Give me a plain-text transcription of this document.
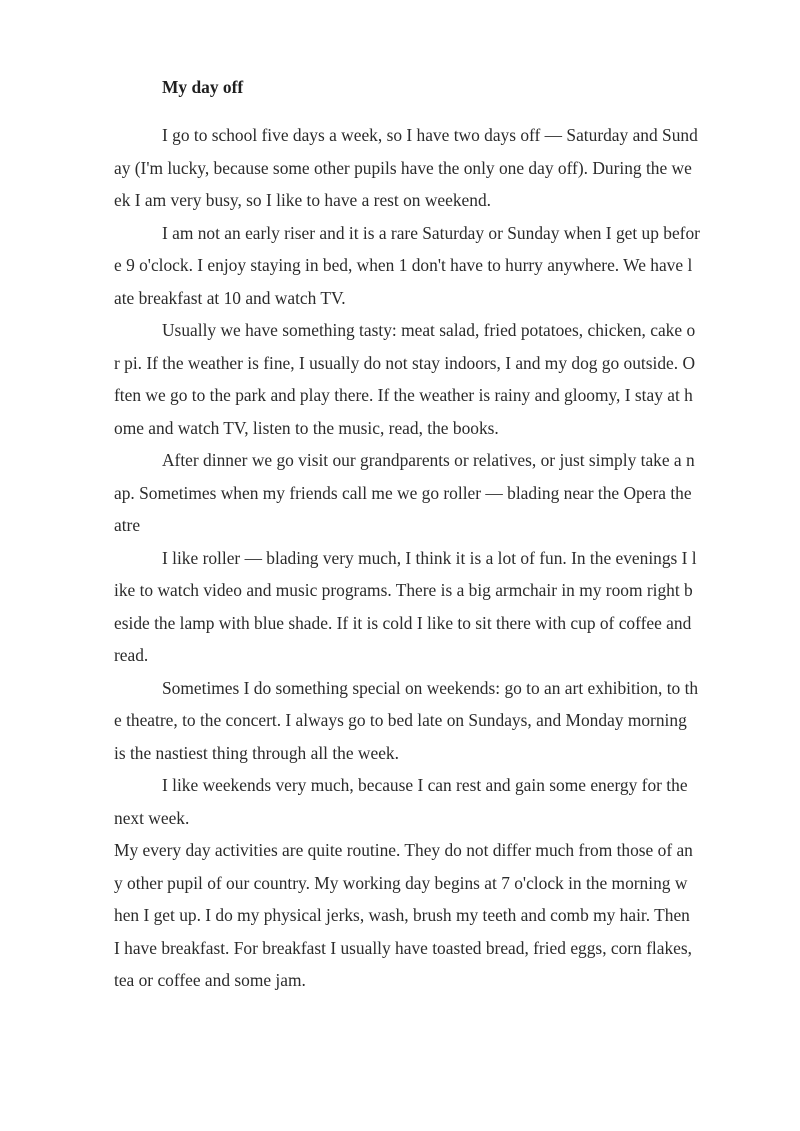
My day off
I go to school five days a week, so I have two days off — Saturday and Sund
ay (I'm lucky, because some other pupils have the only one day off). During the we
ek I am very busy, so I like to have a rest on weekend.
I am not an early riser and it is a rare Saturday or Sunday when I get up befor
e 9 o'clock. I enjoy staying in bed, when 1 don't have to hurry anywhere. We have l
ate breakfast at 10 and watch TV.
Usually we have something tasty: meat salad, fried potatoes, chicken, cake o
r pi. If the weather is fine, I usually do not stay indoors, I and my dog go outside. O
ften we go to the park and play there. If the weather is rainy and gloomy, I stay at h
ome and watch TV, listen to the music, read, the books.
After dinner we go visit our grandparents or relatives, or just simply take a n
ap. Sometimes when my friends call me we go roller — blading near the Opera the
atre
I like roller — blading very much, I think it is a lot of fun. In the evenings I l
ike to watch video and music programs. There is a big armchair in my room right b
eside the lamp with blue shade. If it is cold I like to sit there with cup of coffee and
read.
Sometimes I do something special on weekends: go to an art exhibition, to th
e theatre, to the concert. I always go to bed late on Sundays, and Monday morning
is the nastiest thing through all the week.
I like weekends very much, because I can rest and gain some energy for the
next week.
My every day activities are quite routine. They do not differ much from those of an
y other pupil of our country. My working day begins at 7 o'clock in the morning w
hen I get up. I do my physical jerks, wash, brush my teeth and comb my hair. Then
I have breakfast. For breakfast I usually have toasted bread, fried eggs, corn flakes,
tea or coffee and some jam.
